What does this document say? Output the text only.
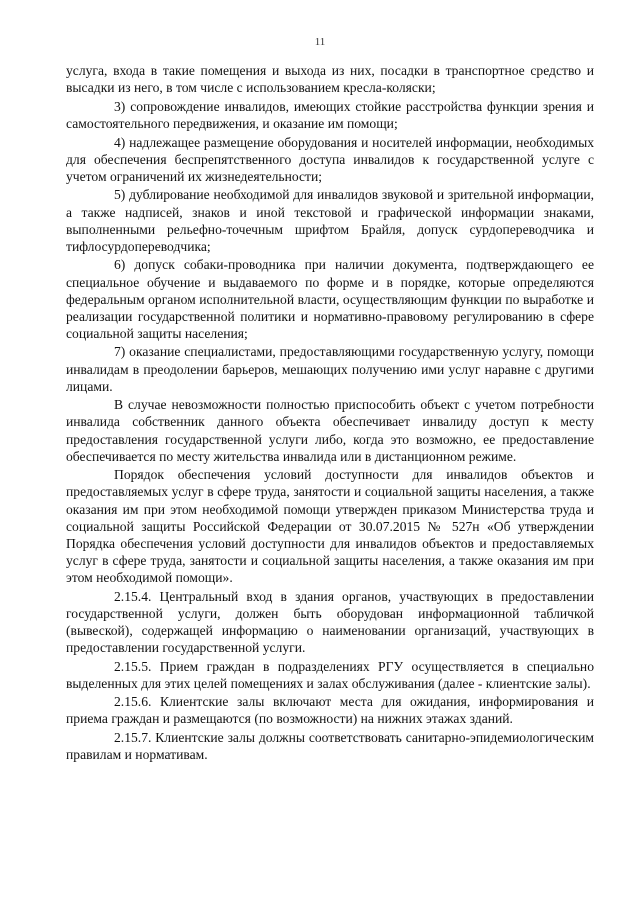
11

услуга, входа в такие помещения и выхода из них, посадки в транспортное средство и высадки из него, в том числе с использованием кресла-коляски;

3) сопровождение инвалидов, имеющих стойкие расстройства функции зрения и самостоятельного передвижения, и оказание им помощи;

4) надлежащее размещение оборудования и носителей информации, необходимых для обеспечения беспрепятственного доступа инвалидов к государственной услуге с учетом ограничений их жизнедеятельности;

5) дублирование необходимой для инвалидов звуковой и зрительной информации, а также надписей, знаков и иной текстовой и графической информации знаками, выполненными рельефно-точечным шрифтом Брайля, допуск сурдопереводчика и тифлосурдопереводчика;

6) допуск собаки-проводника при наличии документа, подтверждающего ее специальное обучение и выдаваемого по форме и в порядке, которые определяются федеральным органом исполнительной власти, осуществляющим функции по выработке и реализации государственной политики и нормативно-правовому регулированию в сфере социальной защиты населения;

7) оказание специалистами, предоставляющими государственную услугу, помощи инвалидам в преодолении барьеров, мешающих получению ими услуг наравне с другими лицами.

В случае невозможности полностью приспособить объект с учетом потребности инвалида собственник данного объекта обеспечивает инвалиду доступ к месту предоставления государственной услуги либо, когда это возможно, ее предоставление обеспечивается по месту жительства инвалида или в дистанционном режиме.

Порядок обеспечения условий доступности для инвалидов объектов и предоставляемых услуг в сфере труда, занятости и социальной защиты населения, а также оказания им при этом необходимой помощи утвержден приказом Министерства труда и социальной защиты Российской Федерации от 30.07.2015 № 527н «Об утверждении Порядка обеспечения условий доступности для инвалидов объектов и предоставляемых услуг в сфере труда, занятости и социальной защиты населения, а также оказания им при этом необходимой помощи».

2.15.4. Центральный вход в здания органов, участвующих в предоставлении государственной услуги, должен быть оборудован информационной табличкой (вывеской), содержащей информацию о наименовании организаций, участвующих в предоставлении государственной услуги.

2.15.5. Прием граждан в подразделениях РГУ осуществляется в специально выделенных для этих целей помещениях и залах обслуживания (далее - клиентские залы).

2.15.6. Клиентские залы включают места для ожидания, информирования и приема граждан и размещаются (по возможности) на нижних этажах зданий.

2.15.7. Клиентские залы должны соответствовать санитарно-эпидемиологическим правилам и нормативам.
